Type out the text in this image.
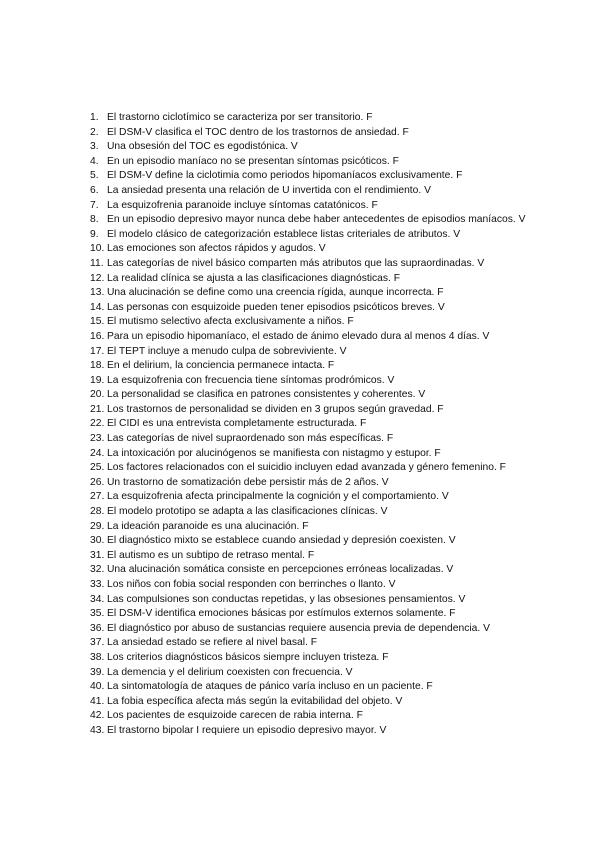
1. El trastorno ciclotímico se caracteriza por ser transitorio. F
2. El DSM-V clasifica el TOC dentro de los trastornos de ansiedad. F
3. Una obsesión del TOC es egodistónica. V
4. En un episodio maníaco no se presentan síntomas psicóticos. F
5. El DSM-V define la ciclotimia como periodos hipomaníacos exclusivamente. F
6. La ansiedad presenta una relación de U invertida con el rendimiento. V
7. La esquizofrenia paranoide incluye síntomas catatónicos. F
8. En un episodio depresivo mayor nunca debe haber antecedentes de episodios maníacos. V
9. El modelo clásico de categorización establece listas criteriales de atributos. V
10. Las emociones son afectos rápidos y agudos. V
11. Las categorías de nivel básico comparten más atributos que las supraordinadas. V
12. La realidad clínica se ajusta a las clasificaciones diagnósticas. F
13. Una alucinación se define como una creencia rígida, aunque incorrecta. F
14. Las personas con esquizoide pueden tener episodios psicóticos breves. V
15. El mutismo selectivo afecta exclusivamente a niños. F
16. Para un episodio hipomaníaco, el estado de ánimo elevado dura al menos 4 días. V
17. El TEPT incluye a menudo culpa de sobreviviente. V
18. En el delirium, la conciencia permanece intacta. F
19. La esquizofrenia con frecuencia tiene síntomas prodrómicos. V
20. La personalidad se clasifica en patrones consistentes y coherentes. V
21. Los trastornos de personalidad se dividen en 3 grupos según gravedad. F
22. El CIDI es una entrevista completamente estructurada. F
23. Las categorías de nivel supraordenado son más específicas. F
24. La intoxicación por alucinógenos se manifiesta con nistagmo y estupor. F
25. Los factores relacionados con el suicidio incluyen edad avanzada y género femenino. F
26. Un trastorno de somatización debe persistir más de 2 años. V
27. La esquizofrenia afecta principalmente la cognición y el comportamiento. V
28. El modelo prototipo se adapta a las clasificaciones clínicas. V
29. La ideación paranoide es una alucinación. F
30. El diagnóstico mixto se establece cuando ansiedad y depresión coexisten. V
31. El autismo es un subtipo de retraso mental. F
32. Una alucinación somática consiste en percepciones erróneas localizadas. V
33. Los niños con fobia social responden con berrinches o llanto. V
34. Las compulsiones son conductas repetidas, y las obsesiones pensamientos. V
35. El DSM-V identifica emociones básicas por estímulos externos solamente. F
36. El diagnóstico por abuso de sustancias requiere ausencia previa de dependencia. V
37. La ansiedad estado se refiere al nivel basal. F
38. Los criterios diagnósticos básicos siempre incluyen tristeza. F
39. La demencia y el delirium coexisten con frecuencia. V
40. La sintomatología de ataques de pánico varía incluso en un paciente. F
41. La fobia específica afecta más según la evitabilidad del objeto. V
42. Los pacientes de esquizoide carecen de rabia interna. F
43. El trastorno bipolar I requiere un episodio depresivo mayor. V
